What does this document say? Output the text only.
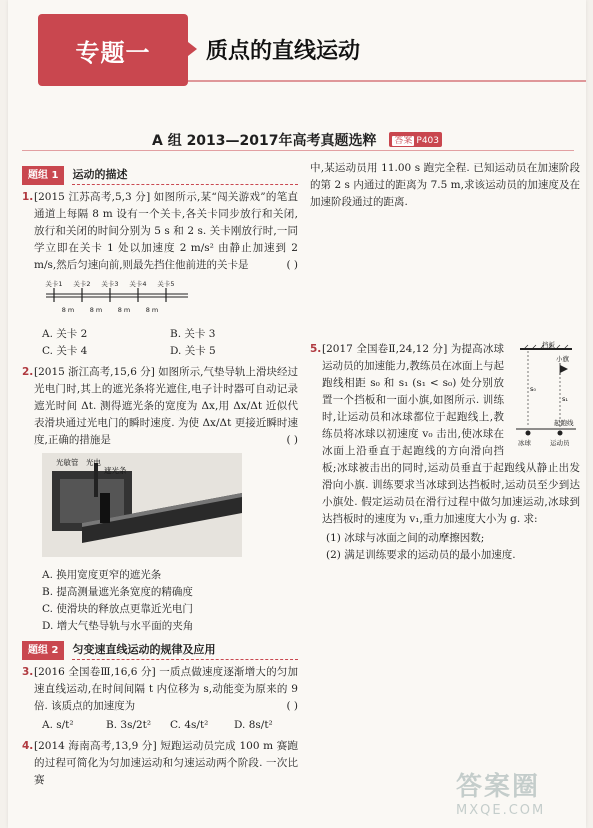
专题一	质点的直线运动
A 组 2013—2017年高考真题选粹 答案 P403
题组 1	运动的描述
1. [2015 江苏高考,5,3 分] 如图所示,某“闯关游戏”的笔直通道上每隔 8 m 设有一个关卡,各关卡同步放行和关闭,放行和关闭的时间分别为 5 s 和 2 s. 关卡刚放行时,一同学立即在关卡 1 处以加速度 2 m/s² 由静止加速到 2 m/s,然后匀速向前,则最先挡住他前进的关卡是	( )
关卡1 关卡2 关卡3 关卡4 关卡5
8 m 8 m 8 m 8 m
A. 关卡 2	B. 关卡 3
C. 关卡 4	D. 关卡 5
2. [2015 浙江高考,15,6 分] 如图所示,气垫导轨上滑块经过光电门时,其上的遮光条将光遮住,电子计时器可自动记录遮光时间 Δt. 测得遮光条的宽度为 Δx,用 Δx/Δt 近似代表滑块通过光电门的瞬时速度. 为使 Δx/Δt 更接近瞬时速度,正确的措施是	( )
光敏管 光电
遮光条
A. 换用宽度更窄的遮光条
B. 提高测量遮光条宽度的精确度
C. 使滑块的释放点更靠近光电门
D. 增大气垫导轨与水平面的夹角
题组 2	匀变速直线运动的规律及应用
3. [2016 全国卷Ⅲ,16,6 分] 一质点做速度逐渐增大的匀加速直线运动,在时间间隔 t 内位移为 s,动能变为原来的 9 倍. 该质点的加速度为	( )
A. s/t²	B. 3s/2t²	C. 4s/t²	D. 8s/t²
4. [2014 海南高考,13,9 分] 短跑运动员完成 100 m 赛跑的过程可简化为匀加速运动和匀速运动两个阶段. 一次比赛
中,某运动员用 11.00 s 跑完全程. 已知运动员在加速阶段的第 2 s 内通过的距离为 7.5 m,求该运动员的加速度及在加速阶段通过的距离.
5.	挡板
小旗
起跑线
冰球	运动员
s₀
s₁
[2017 全国卷Ⅱ,24,12 分] 为提高冰球运动员的加速能力,教练员在冰面上与起跑线相距 s₀ 和 s₁ (s₁ < s₀) 处分别放置一个挡板和一面小旗,如图所示. 训练时,让运动员和冰球都位于起跑线上,教练员将冰球以初速度 v₀ 击出,使冰球在冰面上沿垂直于起跑线的方向滑向挡板;冰球被击出的同时,运动员垂直于起跑线从静止出发滑向小旗. 训练要求当冰球到达挡板时,运动员至少到达小旗处. 假定运动员在滑行过程中做匀加速运动,冰球到达挡板时的速度为 v₁,重力加速度大小为 g. 求:
(1) 冰球与冰面之间的动摩擦因数;
(2) 满足训练要求的运动员的最小加速度.
答案圈
MXQE.COM
